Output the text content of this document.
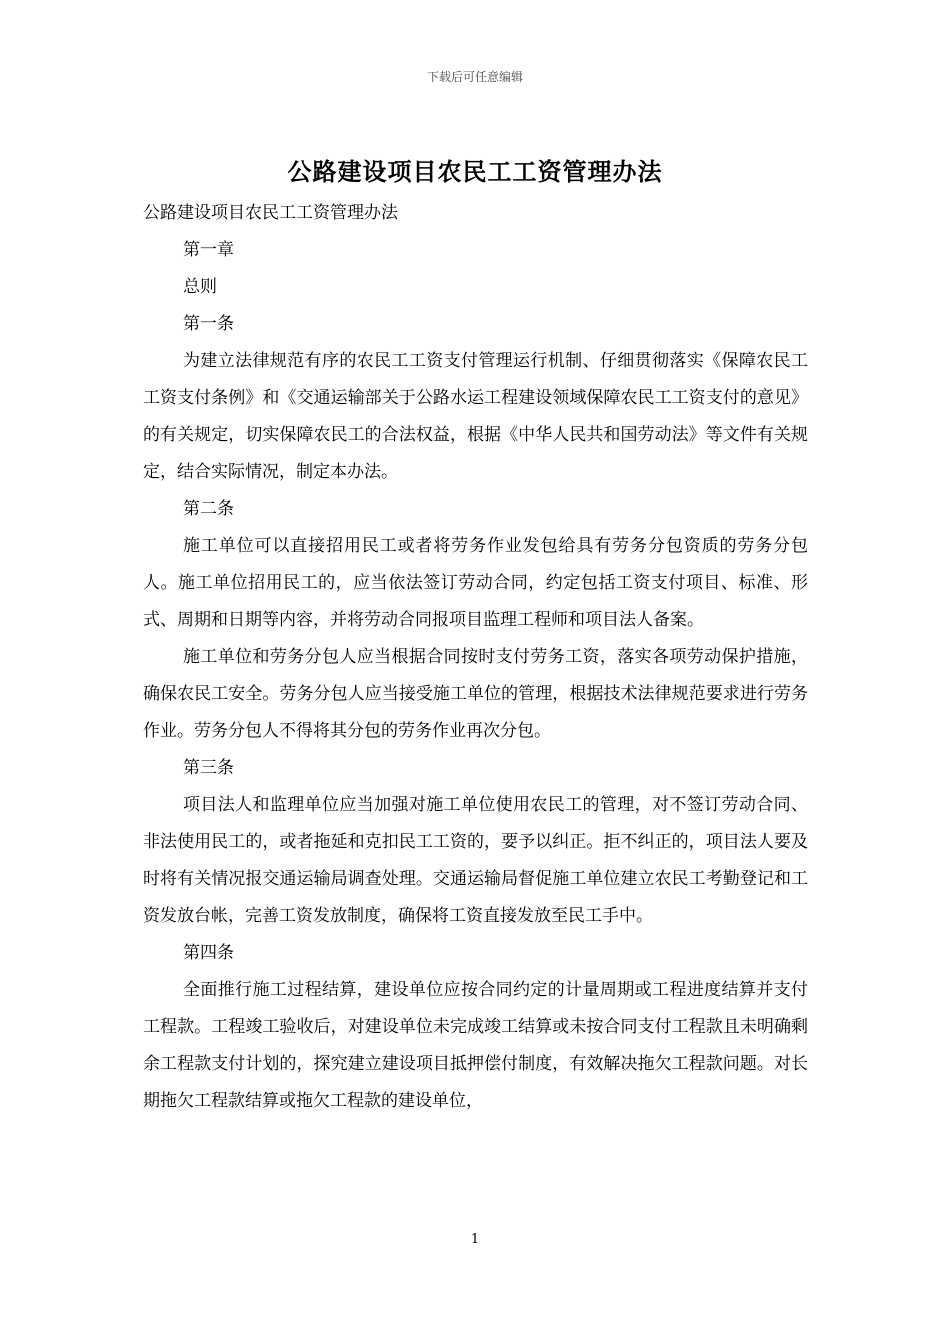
下载后可任意编辑
公路建设项目农民工工资管理办法

公路建设项目农民工工资管理办法

第一章

总则

第一条

为建立法律规范有序的农民工工资支付管理运行机制、仔细贯彻落实《保障农民工工资支付条例》和《交通运输部关于公路水运工程建设领域保障农民工工资支付的意见》的有关规定，切实保障农民工的合法权益，根据《中华人民共和国劳动法》等文件有关规定，结合实际情况，制定本办法。

第二条

施工单位可以直接招用民工或者将劳务作业发包给具有劳务分包资质的劳务分包人。施工单位招用民工的，应当依法签订劳动合同，约定包括工资支付项目、标准、形式、周期和日期等内容，并将劳动合同报项目监理工程师和项目法人备案。

施工单位和劳务分包人应当根据合同按时支付劳务工资，落实各项劳动保护措施，确保农民工安全。劳务分包人应当接受施工单位的管理，根据技术法律规范要求进行劳务作业。劳务分包人不得将其分包的劳务作业再次分包。

第三条

项目法人和监理单位应当加强对施工单位使用农民工的管理，对不签订劳动合同、非法使用民工的，或者拖延和克扣民工工资的，要予以纠正。拒不纠正的，项目法人要及时将有关情况报交通运输局调查处理。交通运输局督促施工单位建立农民工考勤登记和工资发放台帐，完善工资发放制度，确保将工资直接发放至民工手中。

第四条

全面推行施工过程结算，建设单位应按合同约定的计量周期或工程进度结算并支付工程款。工程竣工验收后，对建设单位未完成竣工结算或未按合同支付工程款且未明确剩余工程款支付计划的，探究建立建设项目抵押偿付制度，有效解决拖欠工程款问题。对长期拖欠工程款结算或拖欠工程款的建设单位，

1
